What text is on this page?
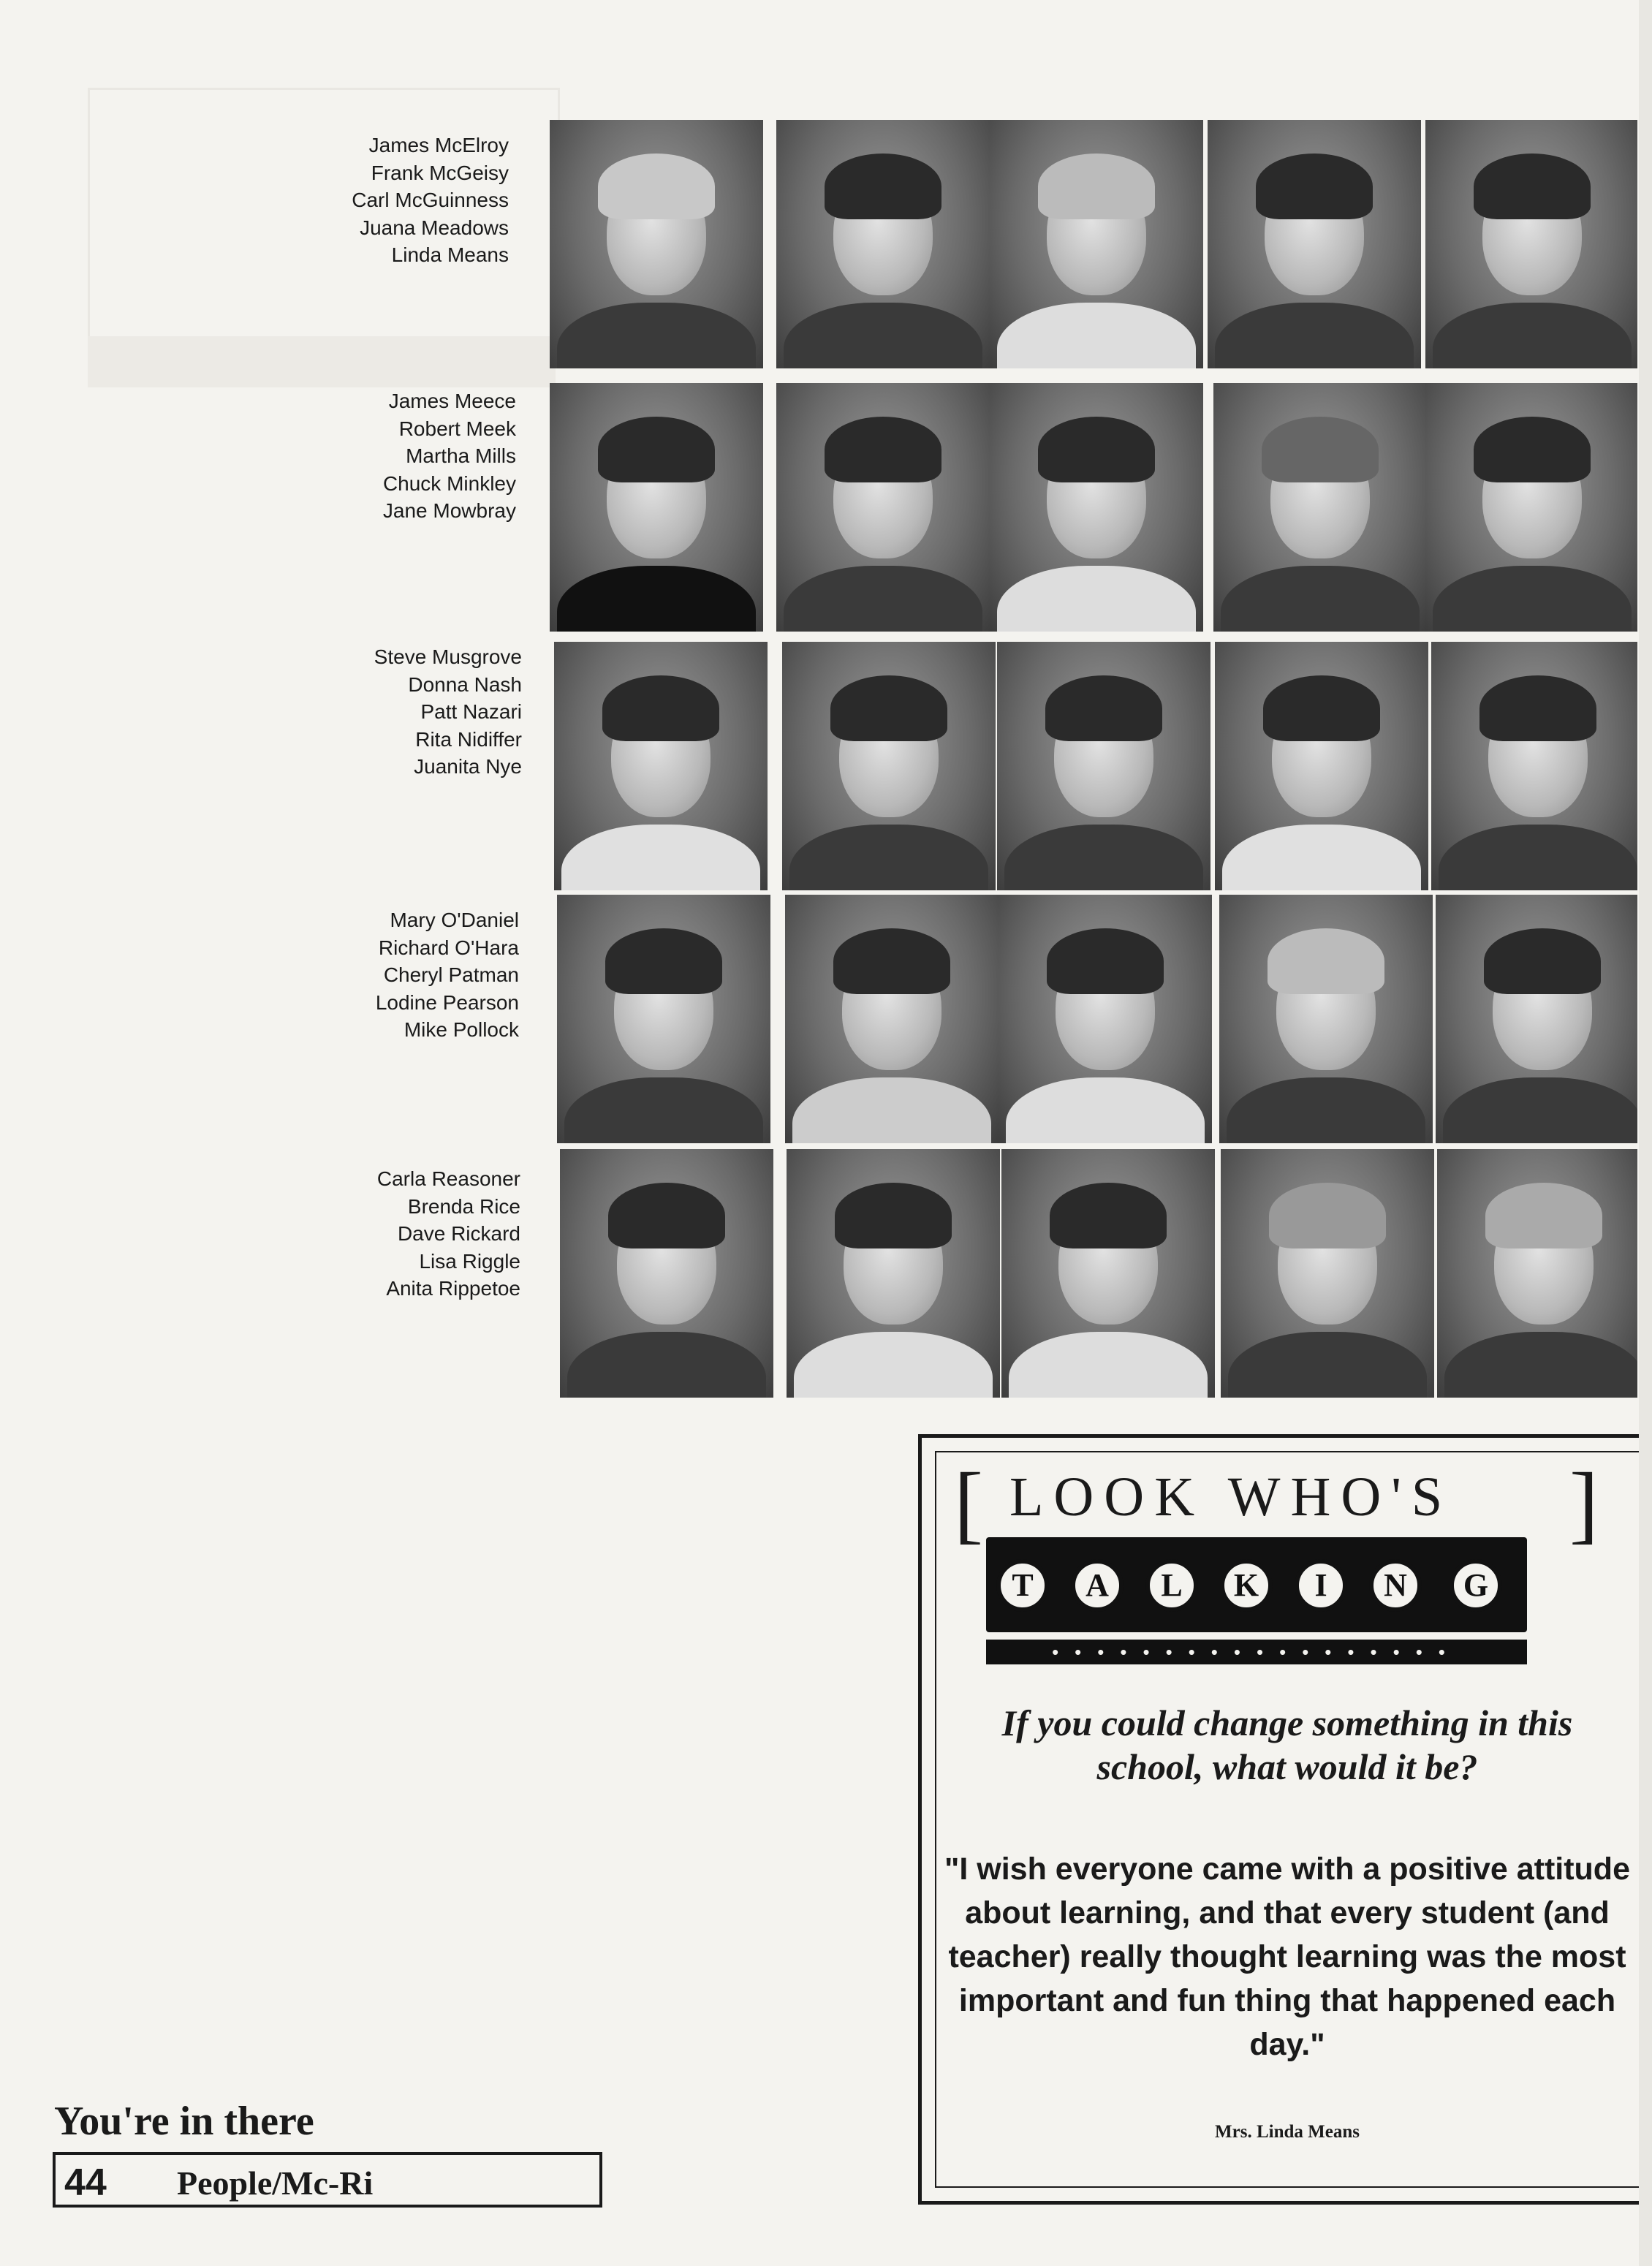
James McElroy
Frank McGeisy
Carl McGuinness
Juana Meadows
Linda Means
James Meece
Robert Meek
Martha Mills
Chuck Minkley
Jane Mowbray
Steve Musgrove
Donna Nash
Patt Nazari
Rita Nidiffer
Juanita Nye
Mary O'Daniel
Richard O'Hara
Cheryl Patman
Lodine Pearson
Mike Pollock
Carla Reasoner
Brenda Rice
Dave Rickard
Lisa Riggle
Anita Rippetoe
[	]
LOOK WHO'S
T	A	L	K	I	N	G
••••••••••••••••••
If you could change something in this school, what would it be?
"I wish everyone came with a positive attitude about learning, and that every student (and teacher) really thought learning was the most important and fun thing that happened each day."
Mrs. Linda Means
You're in there
44 People/Mc-Ri
